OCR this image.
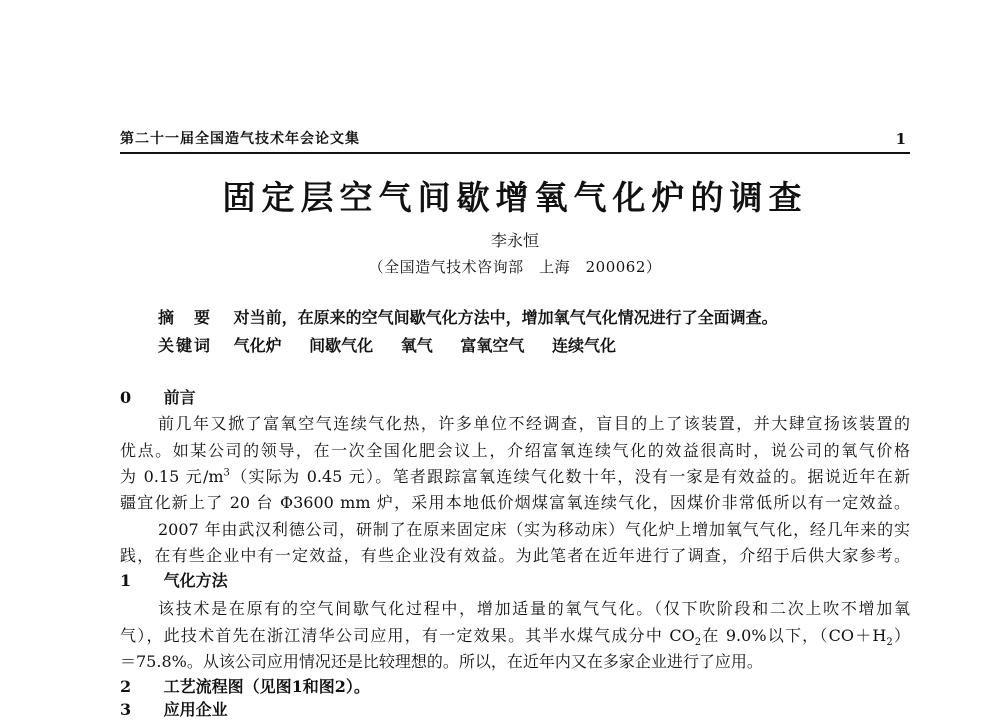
第二十一届全国造气技术年会论文集	1
固定层空气间歇增氧气化炉的调查
李永恒
（全国造气技术咨询部　上海　200062）
摘　要 对当前，在原来的空气间歇气化方法中，增加氧气气化情况进行了全面调查。
关键词 气化炉 间歇气化 氧气 富氧空气 连续气化
0 前言
前几年又掀了富氧空气连续气化热，许多单位不经调查，盲目的上了该装置，并大肆宣扬该装置的
优点。如某公司的领导，在一次全国化肥会议上，介绍富氧连续气化的效益很高时，说公司的氧气价格
为 0.15 元$/m^3$（实际为 0.45 元）。笔者跟踪富氧连续气化数十年，没有一家是有效益的。据说近年在新
疆宜化新上了 20 台 Φ3600 mm 炉，采用本地低价烟煤富氧连续气化，因煤价非常低所以有一定效益。
2007 年由武汉利德公司，研制了在原来固定床（实为移动床）气化炉上增加氧气气化，经几年来的实
践，在有些企业中有一定效益，有些企业没有效益。为此笔者在近年进行了调查，介绍于后供大家参考。
1 气化方法
该技术是在原有的空气间歇气化过程中，增加适量的氧气气化。（仅下吹阶段和二次上吹不增加氧
气），此技术首先在浙江清华公司应用，有一定效果。其半水煤气成分中 $CO_2$在 9.0%以下，$(CO+H_2)$
＝75.8%。从该公司应用情况还是比较理想的。所以，在近年内又在多家企业进行了应用。
2 工艺流程图（见图1和图2）。
3 应用企业
